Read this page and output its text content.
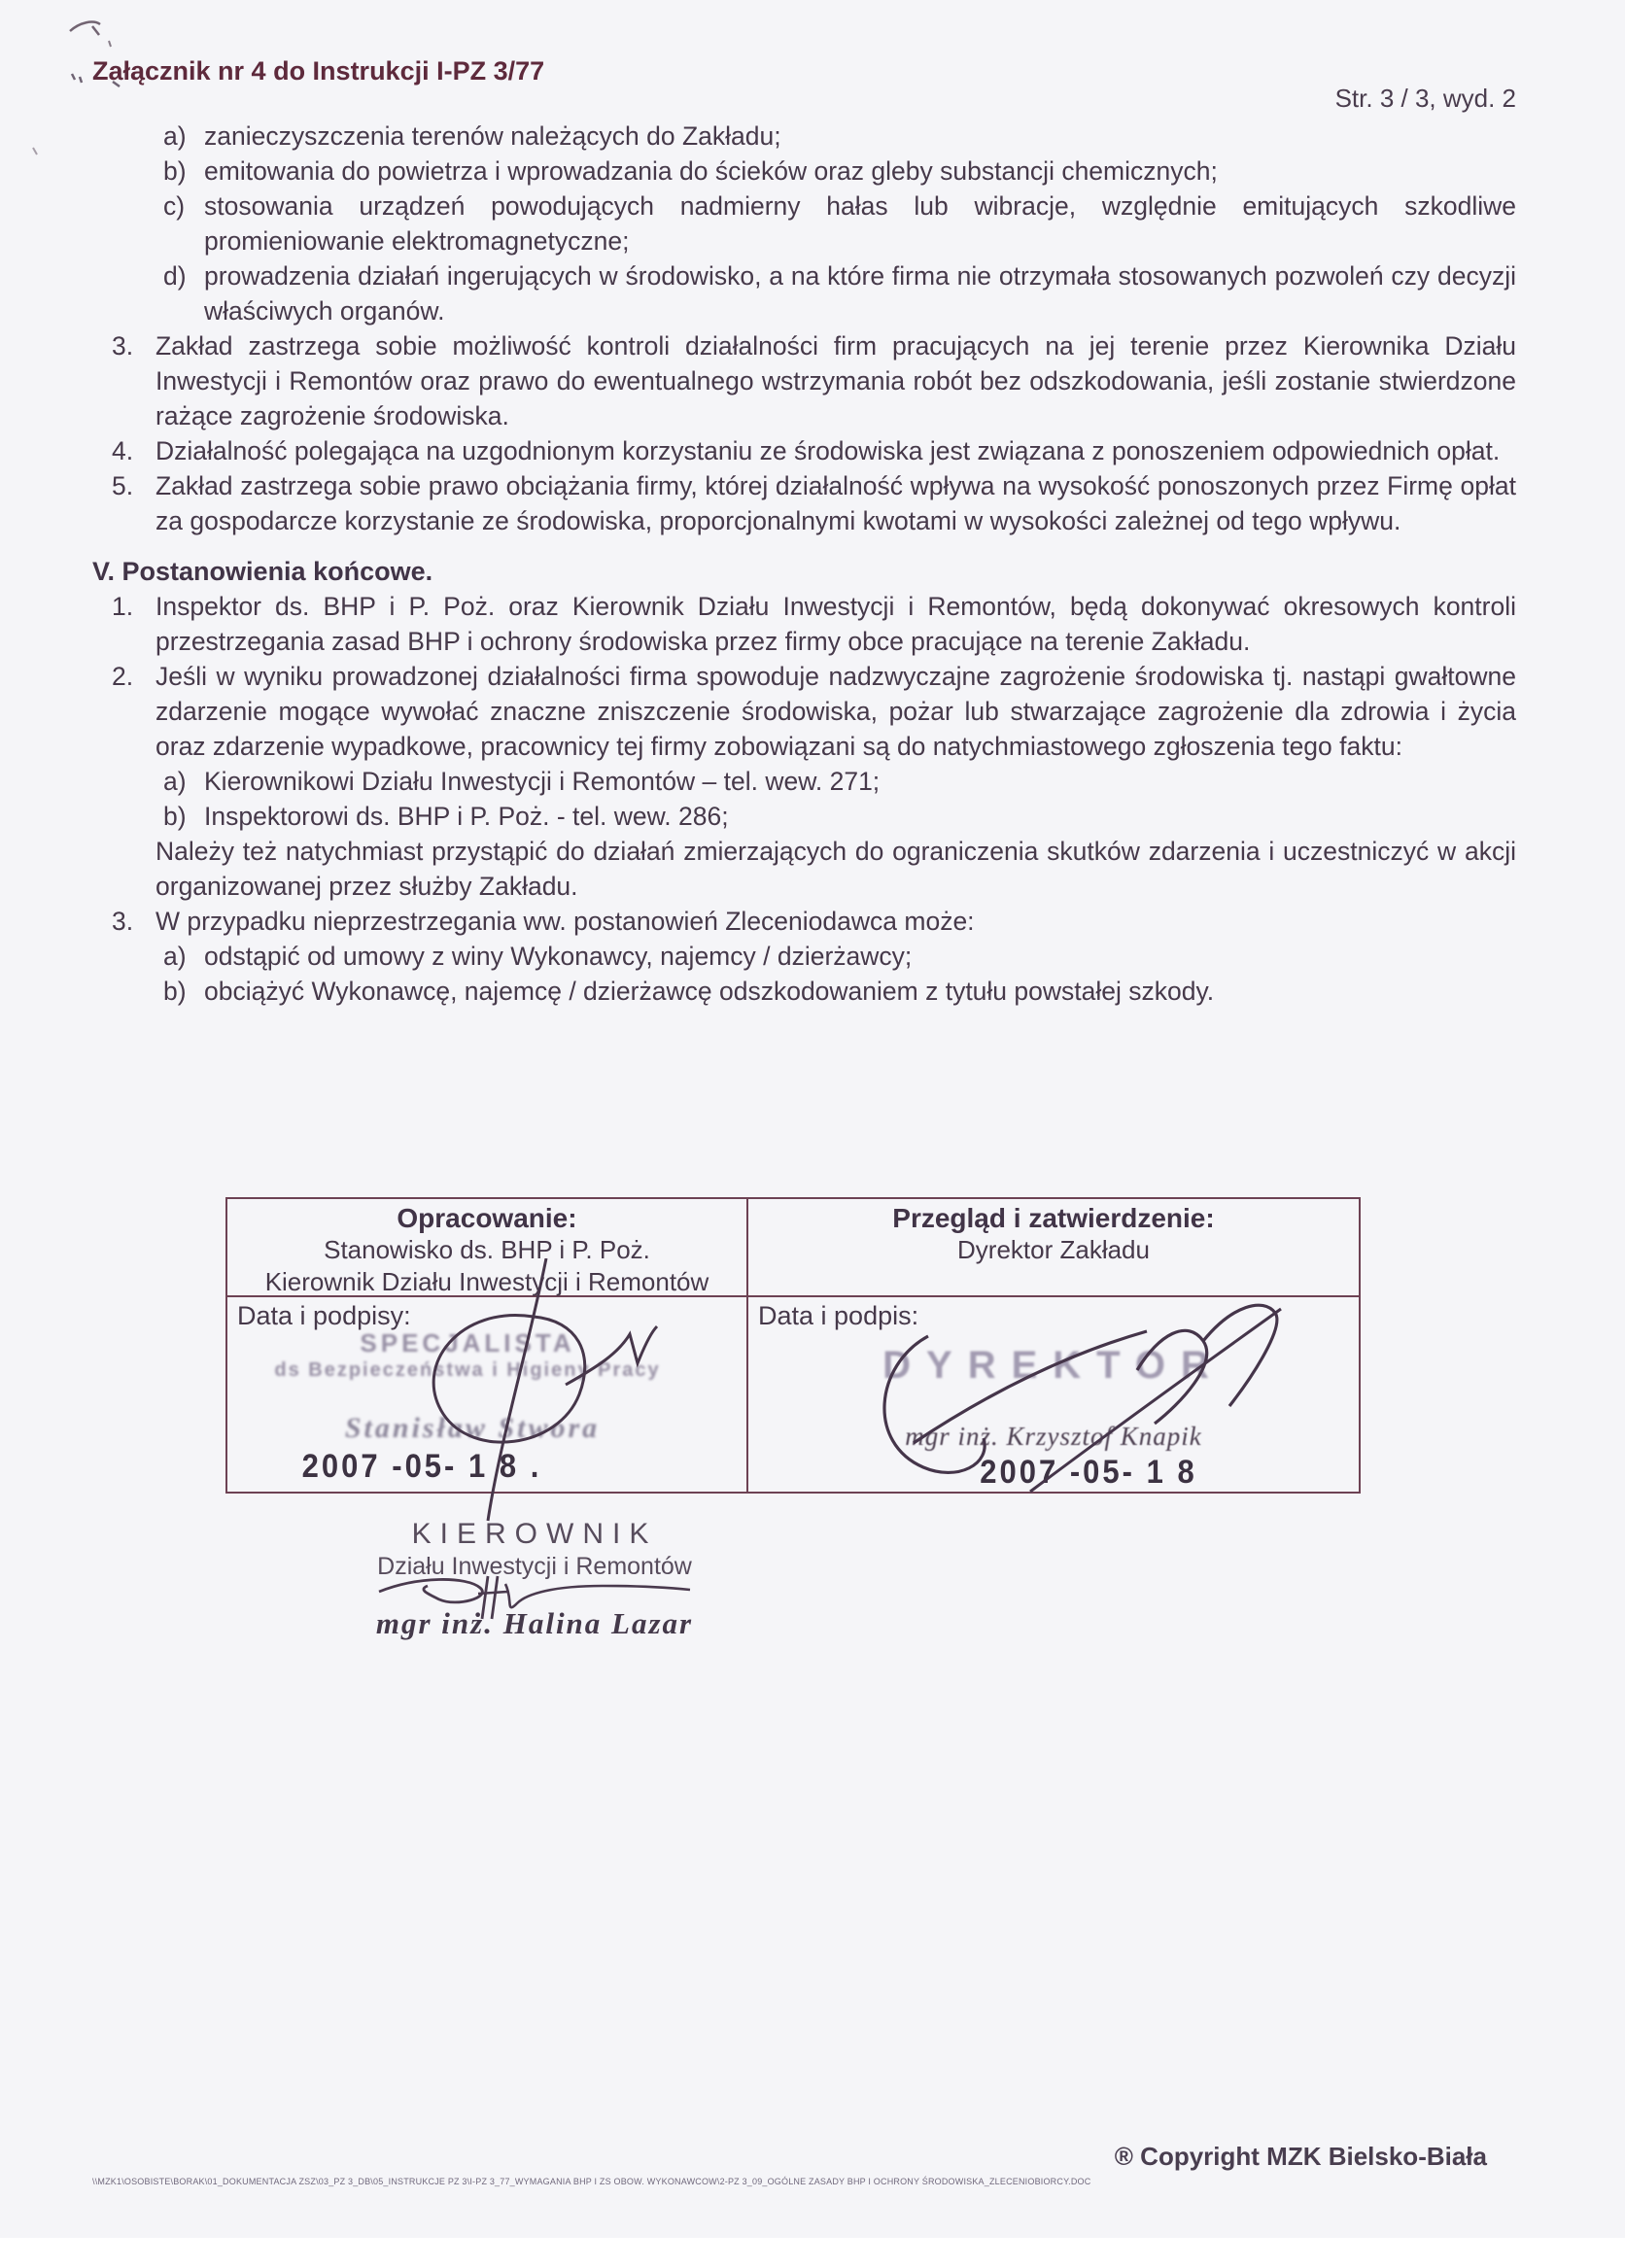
Załącznik nr 4 do Instrukcji I-PZ 3/77
Str. 3 / 3, wyd. 2
a) zanieczyszczenia terenów należących do Zakładu;
b) emitowania do powietrza i wprowadzania do ścieków oraz gleby substancji chemicznych;
c) stosowania urządzeń powodujących nadmierny hałas lub wibracje, względnie emitujących szkodliwe promieniowanie elektromagnetyczne;
d) prowadzenia działań ingerujących w środowisko, a na które firma nie otrzymała stosowanych pozwoleń czy decyzji właściwych organów.
3. Zakład zastrzega sobie możliwość kontroli działalności firm pracujących na jej terenie przez Kierownika Działu Inwestycji i Remontów oraz prawo do ewentualnego wstrzymania robót bez odszkodowania, jeśli zostanie stwierdzone rażące zagrożenie środowiska.
4. Działalność polegająca na uzgodnionym korzystaniu ze środowiska jest związana z ponoszeniem odpowiednich opłat.
5. Zakład zastrzega sobie prawo obciążania firmy, której działalność wpływa na wysokość ponoszonych przez Firmę opłat za gospodarcze korzystanie ze środowiska, proporcjonalnymi kwotami w wysokości zależnej od tego wpływu.
V. Postanowienia końcowe.
1. Inspektor ds. BHP i P. Poż. oraz Kierownik Działu Inwestycji i Remontów, będą dokonywać okresowych kontroli przestrzegania zasad BHP i ochrony środowiska przez firmy obce pracujące na terenie Zakładu.
2. Jeśli w wyniku prowadzonej działalności firma spowoduje nadzwyczajne zagrożenie środowiska tj. nastąpi gwałtowne zdarzenie mogące wywołać znaczne zniszczenie środowiska, pożar lub stwarzające zagrożenie dla zdrowia i życia oraz zdarzenie wypadkowe, pracownicy tej firmy zobowiązani są do natychmiastowego zgłoszenia tego faktu:
a) Kierownikowi Działu Inwestycji i Remontów – tel. wew. 271;
b) Inspektorowi ds. BHP i P. Poż. - tel. wew. 286;
Należy też natychmiast przystąpić do działań zmierzających do ograniczenia skutków zdarzenia i uczestniczyć w akcji organizowanej przez służby Zakładu.
3. W przypadku nieprzestrzegania ww. postanowień Zleceniodawca może:
a) odstąpić od umowy z winy Wykonawcy, najemcy / dzierżawcy;
b) obciążyć Wykonawcę, najemcę / dzierżawcę odszkodowaniem z tytułu powstałej szkody.
Opracowanie:
Stanowisko ds. BHP i P. Poż.
Kierownik Działu Inwestycji i Remontów
Przegląd i zatwierdzenie:
Dyrektor Zakładu
Data i podpisy:
SPECJALISTA
ds Bezpieczeństwa i Higieny Pracy
Stanisław Stwora
2007 -05- 1 8 .
Data i podpis:
DYREKTOR
mgr inż. Krzysztof Knapik
2007 -05- 1 8
KIEROWNIK
Działu Inwestycji i Remontów
mgr inż. Halina Lazar
\\MZK1\OSOBISTE\BORAK\01_DOKUMENTACJA ZSZ\03_PZ 3_DB\05_INSTRUKCJE PZ 3\I-PZ 3_77_WYMAGANIA BHP I ZS OBOW. WYKONAWCOW\2-PZ 3_09_OGÓLNE ZASADY BHP I OCHRONY ŚRODOWISKA_ZLECENIOBIORCY.DOC
® Copyright MZK Bielsko-Biała
